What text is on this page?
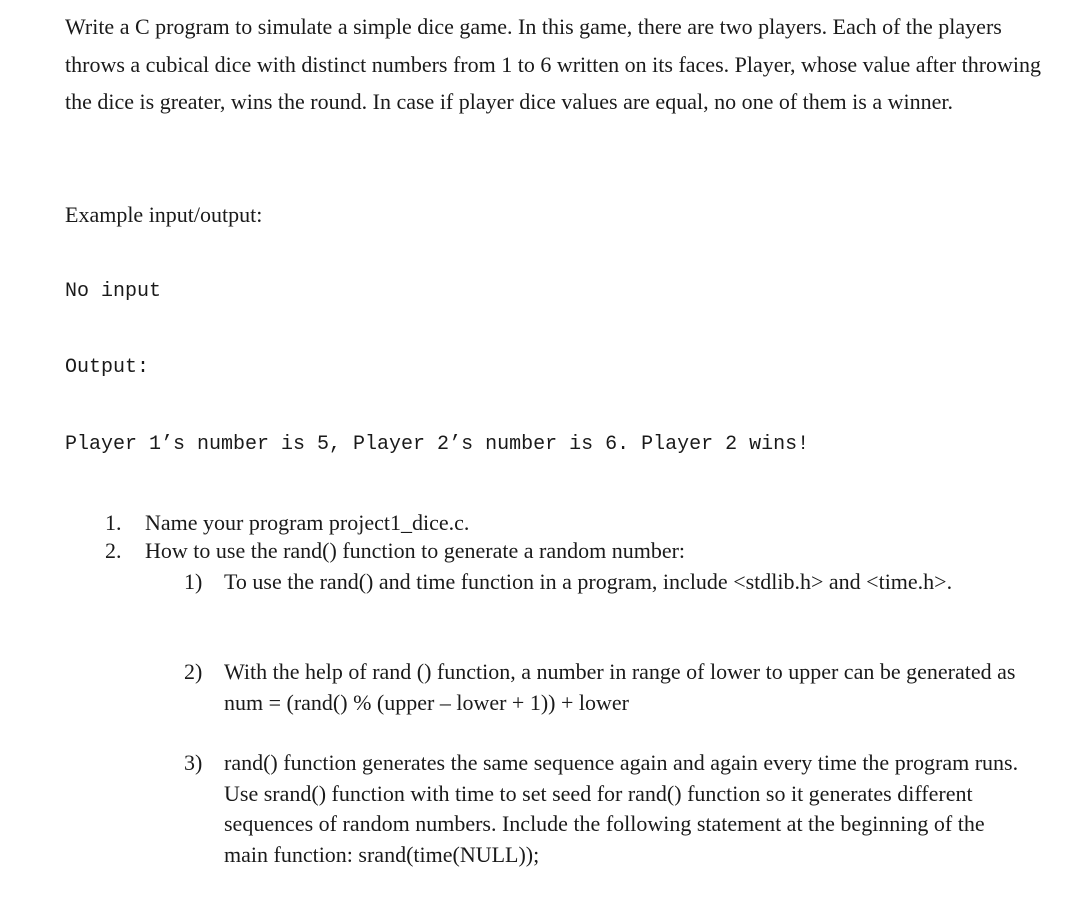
Write a C program to simulate a simple dice game. In this game, there are two players. Each of the players throws a cubical dice with distinct numbers from 1 to 6 written on its faces. Player, whose value after throwing the dice is greater, wins the round. In case if player dice values are equal, no one of them is a winner.
Example input/output:
No input
Output:
Player 1’s number is 5, Player 2’s number is 6. Player 2 wins!
1. Name your program project1_dice.c.
2. How to use the rand() function to generate a random number:
1) To use the rand() and time function in a program, include <stdlib.h> and <time.h>.
2) With the help of rand () function, a number in range of lower to upper can be generated as num = (rand() % (upper – lower + 1)) + lower
3) rand() function generates the same sequence again and again every time the program runs. Use srand() function with time to set seed for rand() function so it generates different sequences of random numbers. Include the following statement at the beginning of the main function: srand(time(NULL));
